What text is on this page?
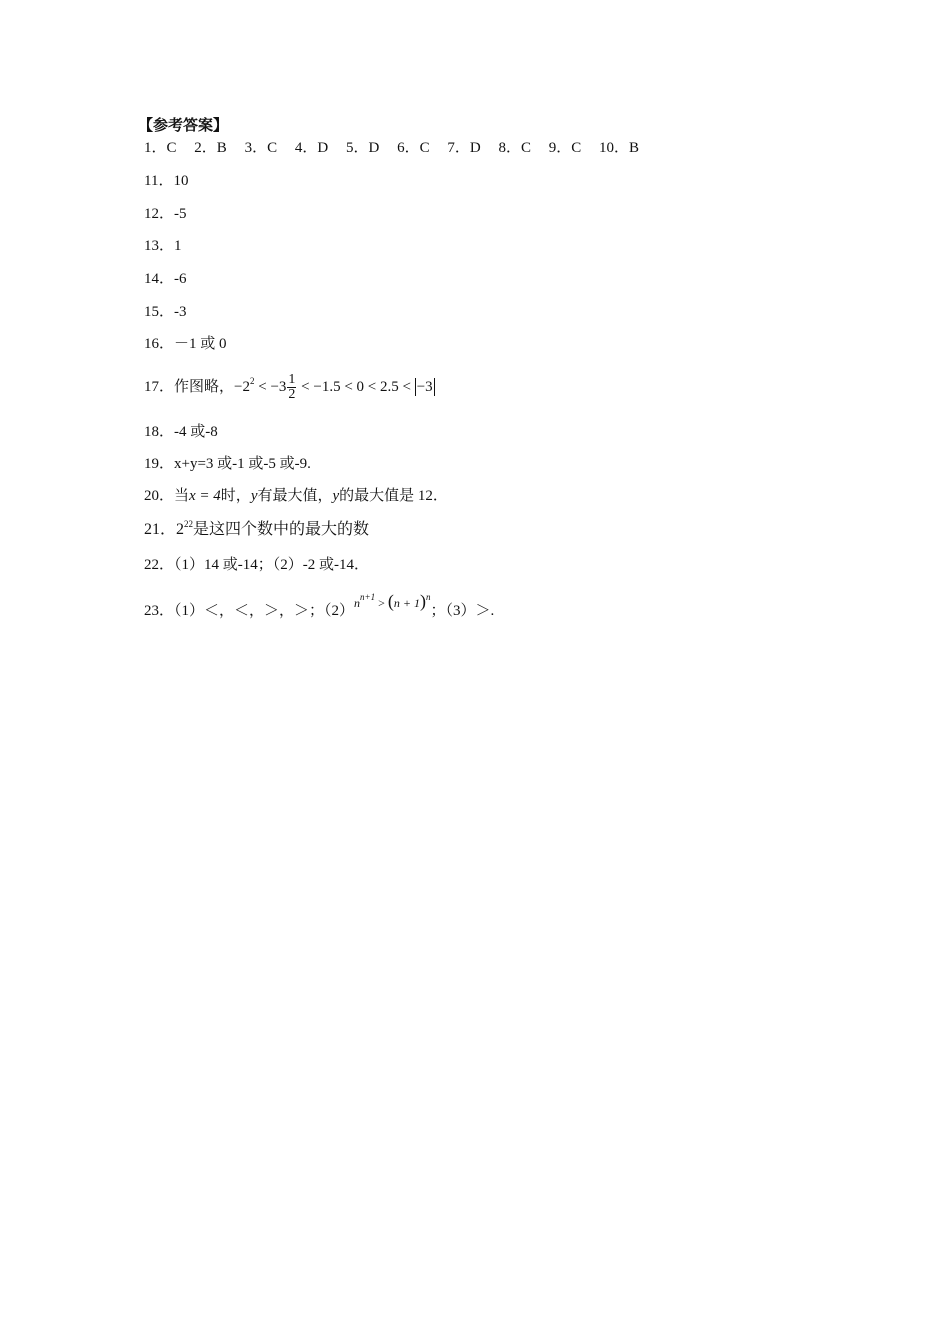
【参考答案】
1．C 2．B 3．C 4．D 5．D 6．C 7．D 8．C 9．C 10．B
11．10
12．-5
13．1
14．-6
15．-3
16．－1 或 0
17．作图略，$-2^2 < -3 \frac{1}{2} < -1.5 < 0 < 2.5 < -3$
18．-4 或-8
19．x+y=3 或-1 或-5 或-9.
20．当x = 4时，y有最大值，y的最大值是 12．
21．$2^{22}$是这四个数中的最大的数
22．（1）14 或-14；（2）-2 或-14．
23．（1）＜，＜，＞，＞；$(2)^{n^{n+1} > (n + 1)^n}$；（3）＞.
